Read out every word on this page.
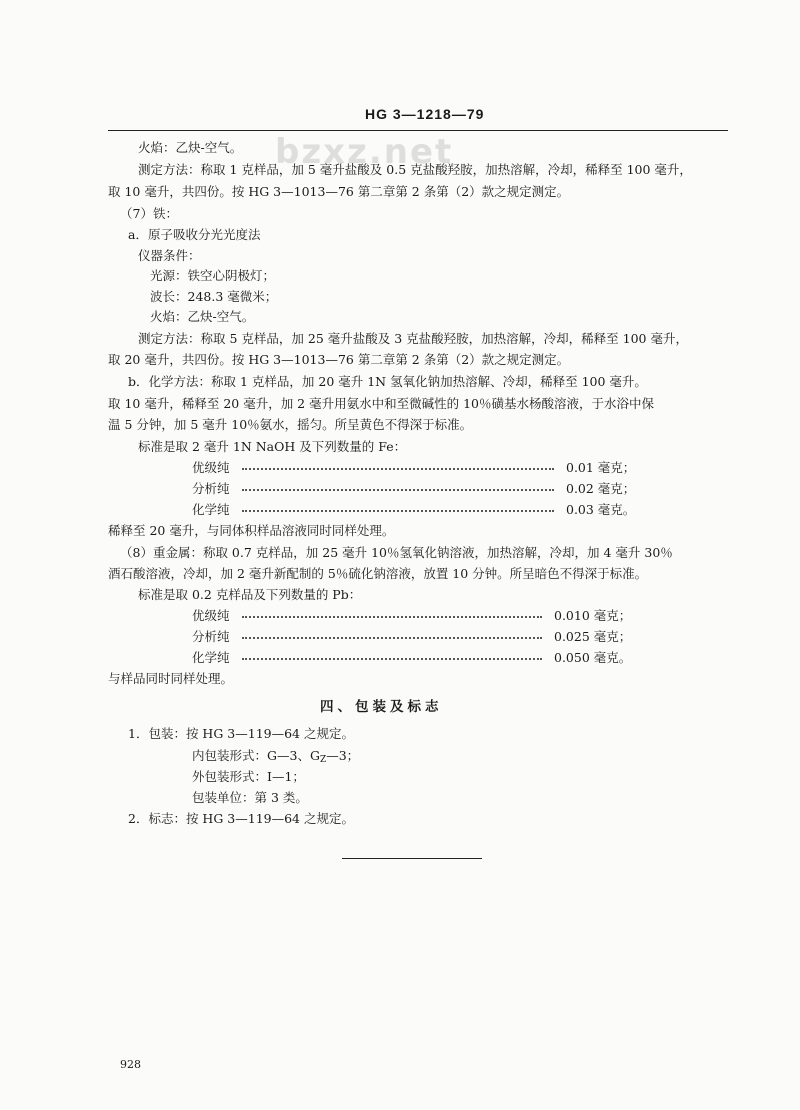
bzxz.net
HG 3—1218—79
火焰：乙炔-空气。
测定方法：称取 1 克样品，加 5 毫升盐酸及 0.5 克盐酸羟胺，加热溶解，冷却，稀释至 100 毫升，
取 10 毫升，共四份。按 HG 3—1013—76 第二章第 2 条第（2）款之规定测定。
（7）铁：
a．原子吸收分光光度法
仪器条件：
光源：铁空心阴极灯；
波长：248.3 毫微米；
火焰：乙炔-空气。
测定方法：称取 5 克样品，加 25 毫升盐酸及 3 克盐酸羟胺，加热溶解，冷却，稀释至 100 毫升，
取 20 毫升，共四份。按 HG 3—1013—76 第二章第 2 条第（2）款之规定测定。
b．化学方法：称取 1 克样品，加 20 毫升 1N 氢氧化钠加热溶解、冷却，稀释至 100 毫升。
取 10 毫升，稀释至 20 毫升，加 2 毫升用氨水中和至微碱性的 10％磺基水杨酸溶液，于水浴中保
温 5 分钟，加 5 毫升 10％氨水，摇匀。所呈黄色不得深于标准。
标准是取 2 毫升 1N NaOH 及下列数量的 Fe：
优级纯	0.01 毫克；
分析纯	0.02 毫克；
化学纯	0.03 毫克。
稀释至 20 毫升，与同体积样品溶液同时同样处理。
（8）重金属：称取 0.7 克样品，加 25 毫升 10％氢氧化钠溶液，加热溶解，冷却，加 4 毫升 30％
酒石酸溶液，冷却，加 2 毫升新配制的 5％硫化钠溶液，放置 10 分钟。所呈暗色不得深于标准。
标准是取 0.2 克样品及下列数量的 Pb：
优级纯	0.010 毫克；
分析纯	0.025 毫克；
化学纯	0.050 毫克。
与样品同时同样处理。
四、包装及标志
1．包装：按 HG 3—119—64 之规定。
内包装形式：G—3、$G_Z—3$；
外包装形式：Ⅰ—1；
包装单位：第 3 类。
2．标志：按 HG 3—119—64 之规定。
928
